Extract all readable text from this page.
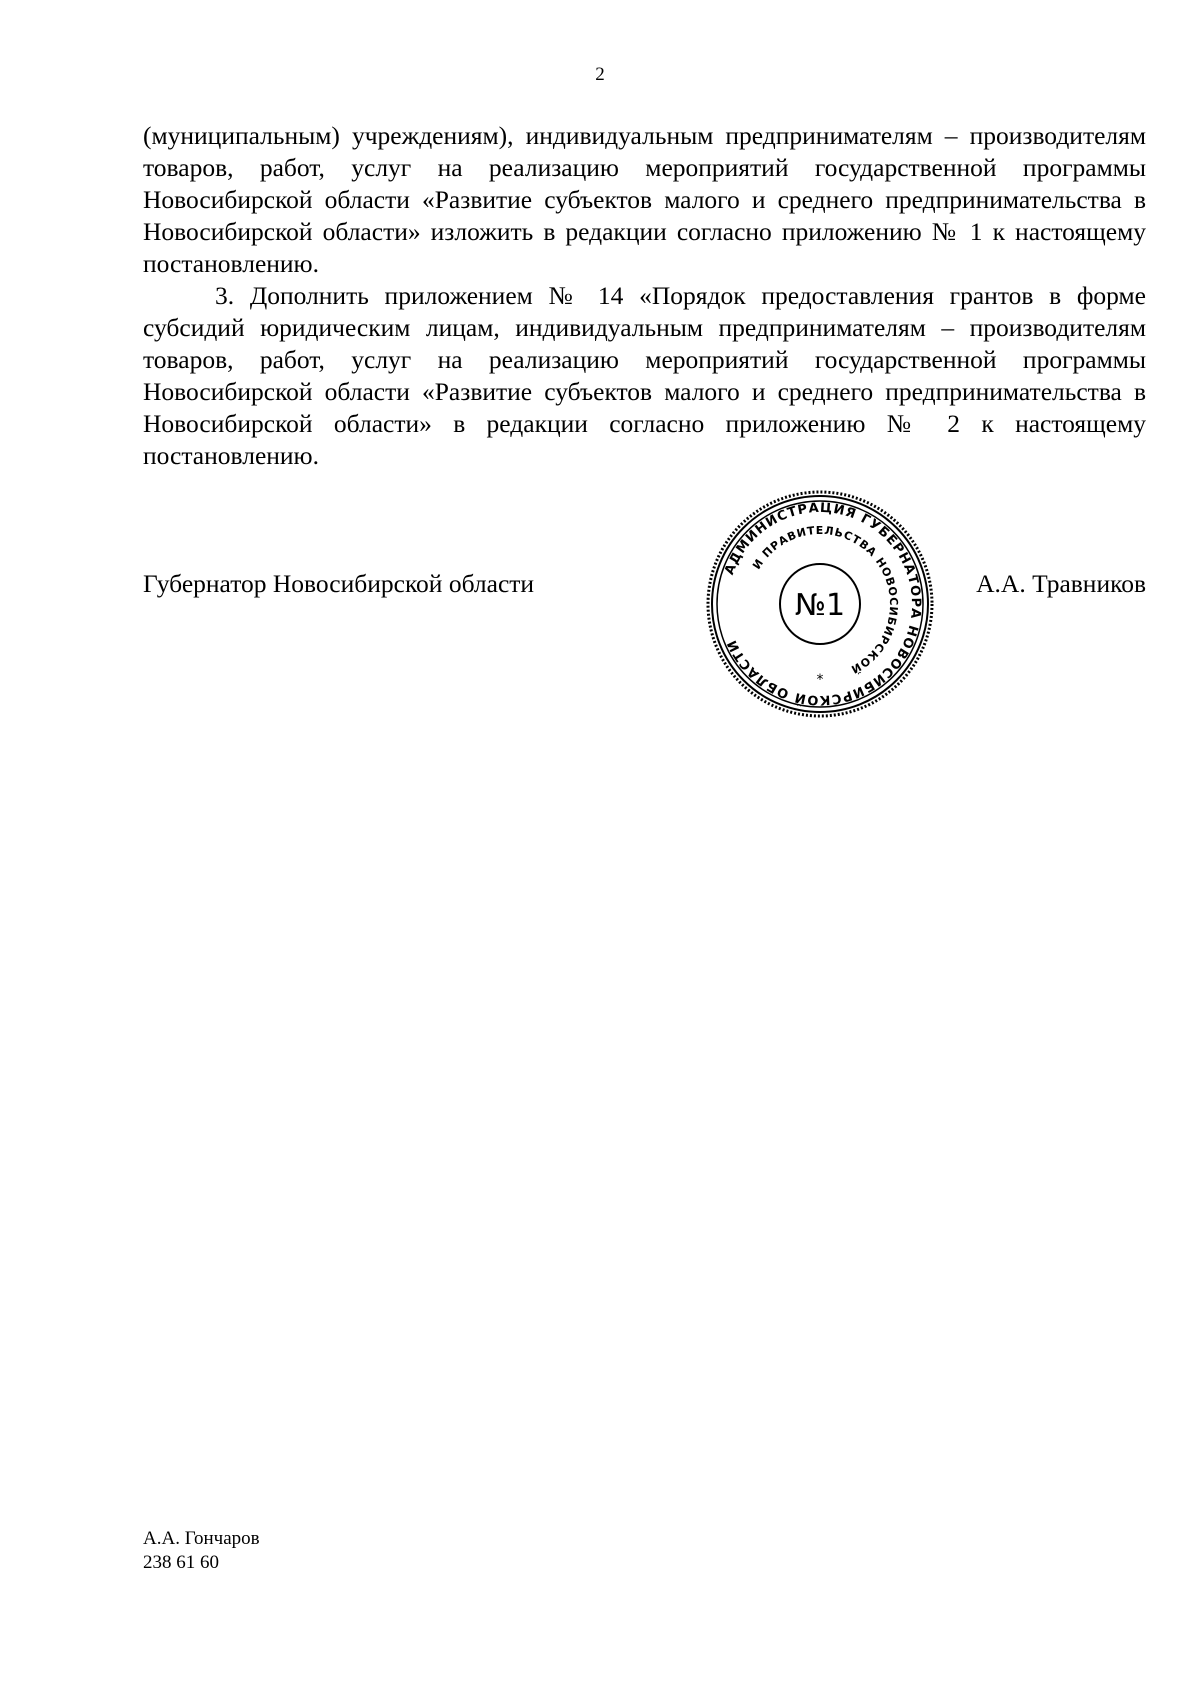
2

(муниципальным) учреждениям), индивидуальным предпринимателям – производителям товаров, работ, услуг на реализацию мероприятий государственной программы Новосибирской области «Развитие субъектов малого и среднего предпринимательства в Новосибирской области» изложить в редакции согласно приложению № 1 к настоящему постановлению.

3. Дополнить приложением № 14 «Порядок предоставления грантов в форме субсидий юридическим лицам, индивидуальным предпринимателям – производителям товаров, работ, услуг на реализацию мероприятий государственной программы Новосибирской области «Развитие субъектов малого и среднего предпринимательства в Новосибирской области» в редакции согласно приложению № 2 к настоящему постановлению.

Губернатор Новосибирской области	А.А. Травников
АДМИНИСТРАЦИЯ ГУБЕРНАТОРА НОВОСИБИРСКОЙ ОБЛАСТИ
И ПРАВИТЕЛЬСТВА НОВОСИБИРСКОЙ
№1
*
А.А. Гончаров
238 61 60
